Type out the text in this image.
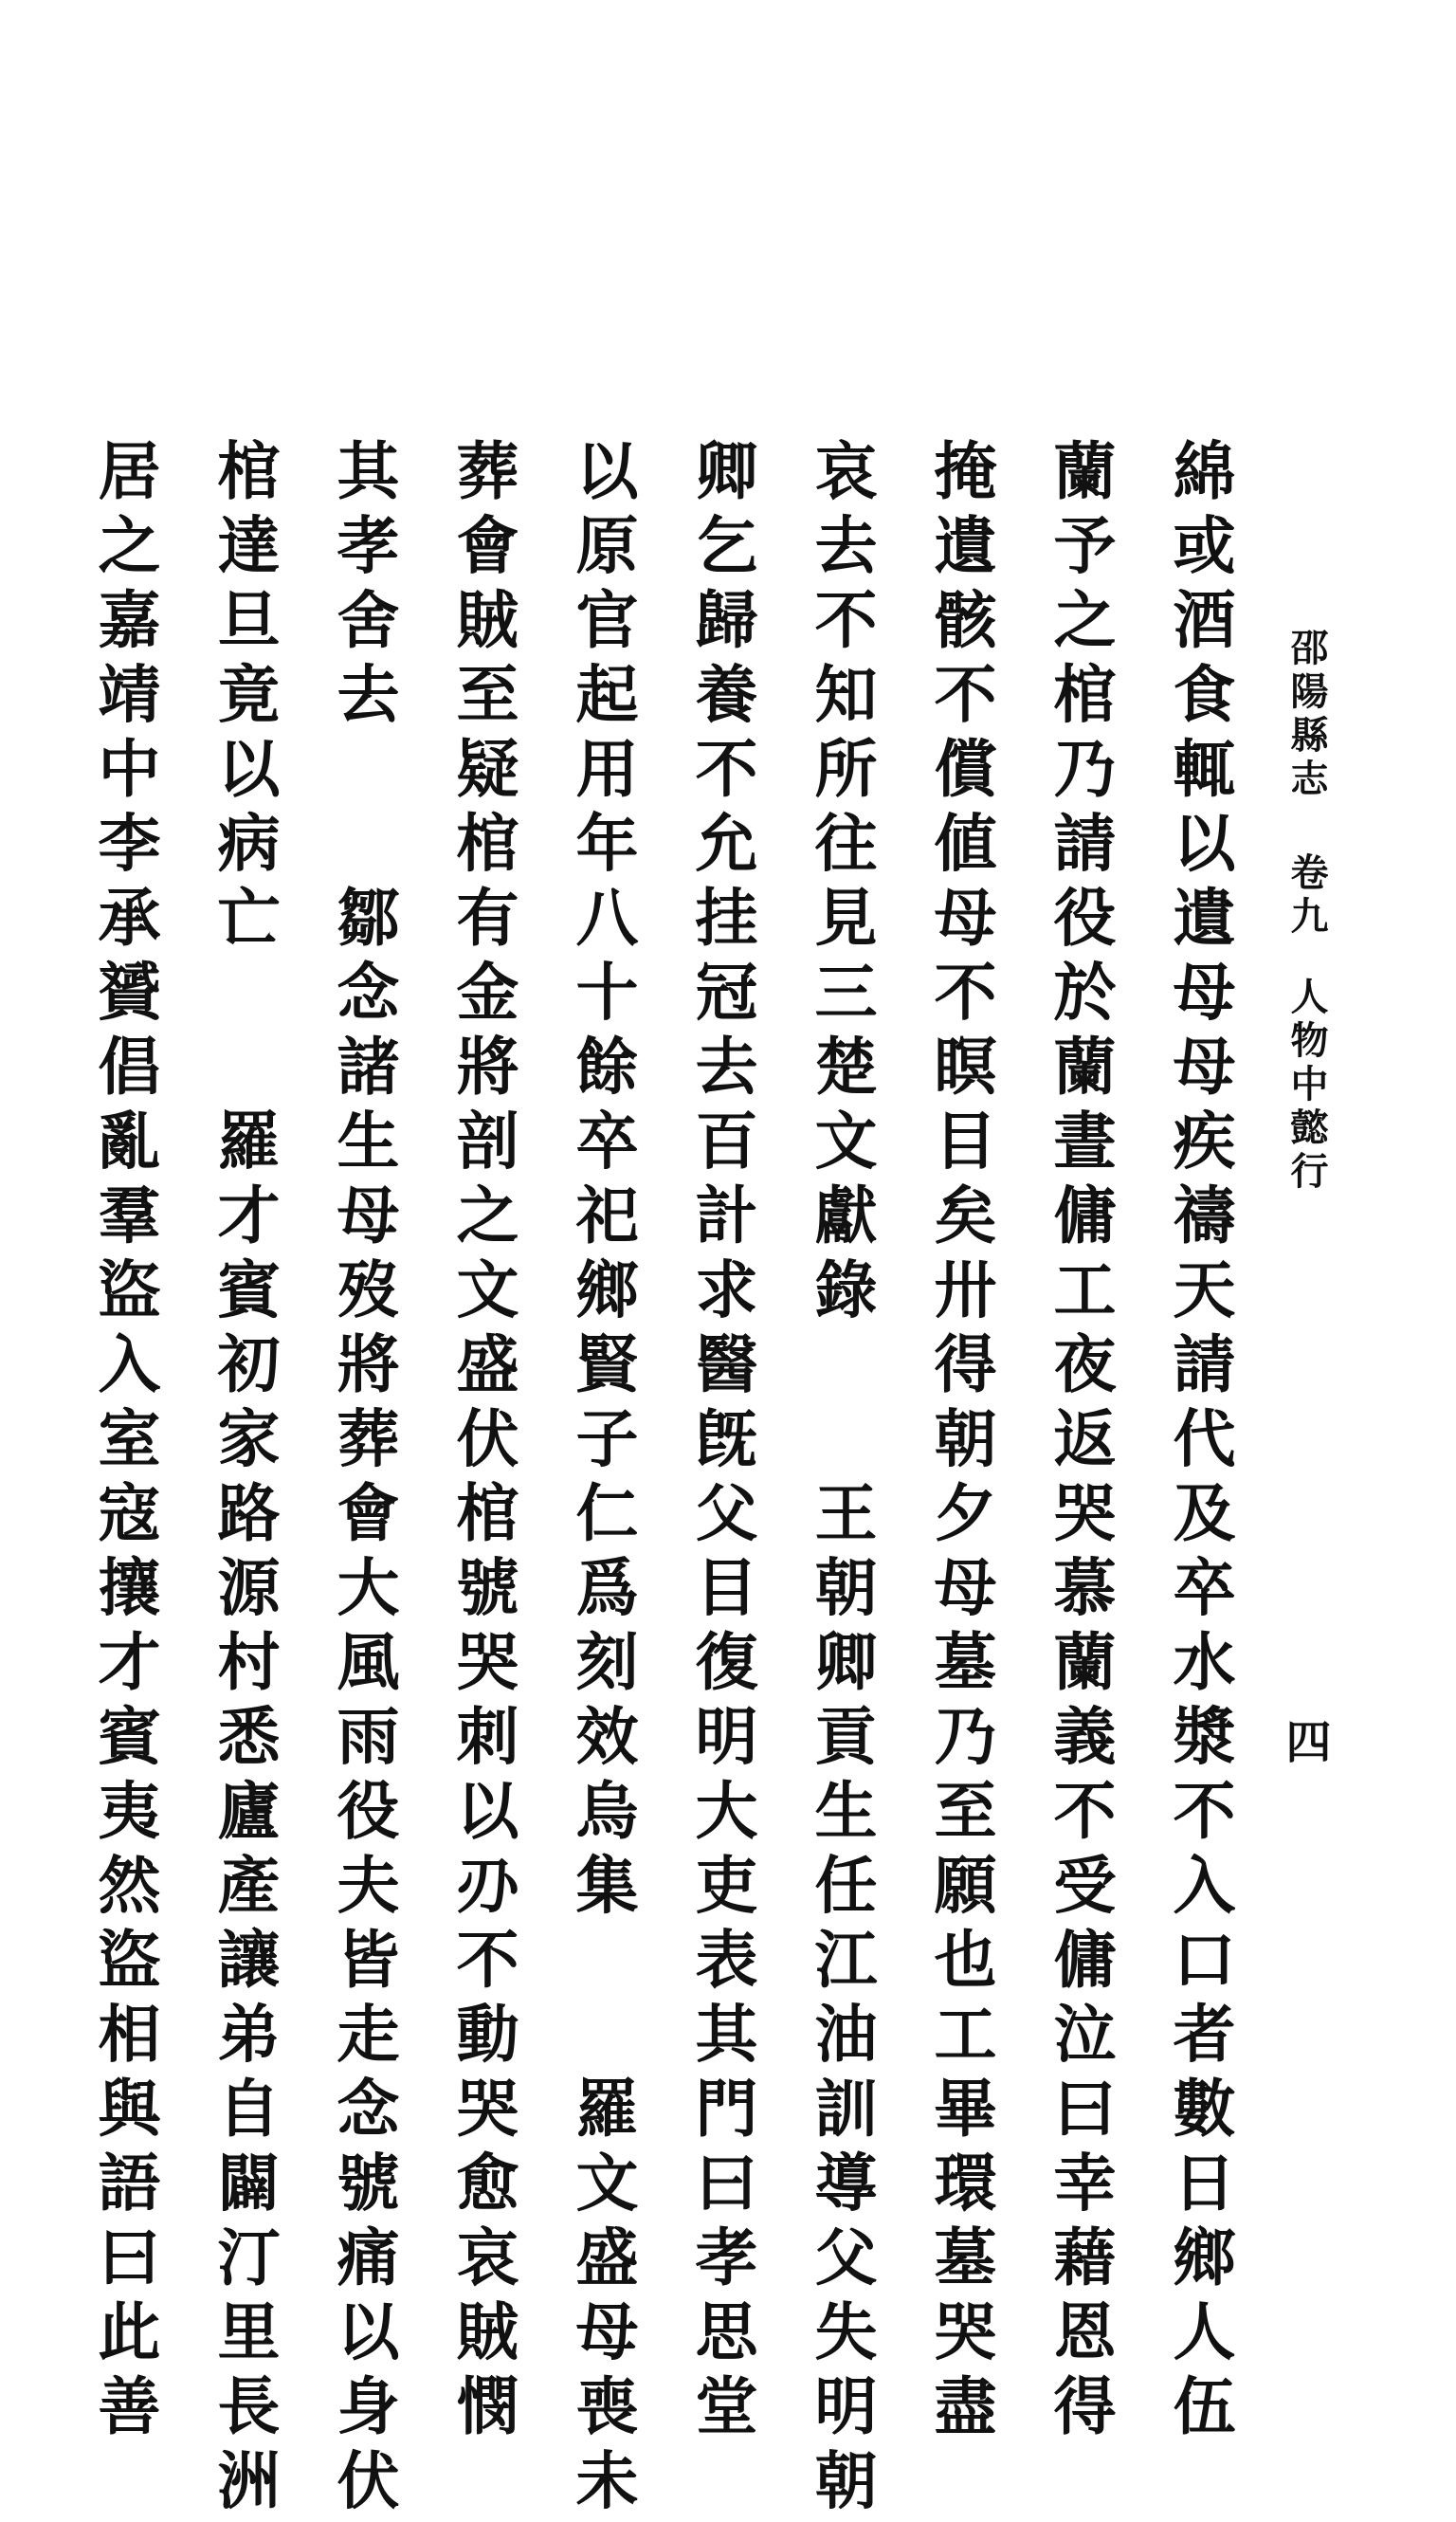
邵陽縣志 卷九
人物中懿行
四
綿或酒食輒以遺母母疾禱天請代及卒水漿不入口者數日鄉人伍
蘭予之棺乃請役於蘭晝傭工夜返哭慕蘭義不受傭泣曰幸藉恩得
掩遺骸不償値母不瞑目矣卅得朝夕母墓乃至願也工畢環墓哭盡
哀去不知所往見三楚文獻錄　　王朝卿貢生任江油訓導父失明朝
卿乞歸養不允挂冠去百計求醫旣父目復明大吏表其門曰孝思堂
以原官起用年八十餘卒祀鄉賢子仁爲刻效烏集　　羅文盛母喪未
葬會賊至疑棺有金將剖之文盛伏棺號哭刺以刅不動哭愈哀賊憫
其孝舍去　　鄒念諸生母歿將葬會大風雨役夫皆走念號痛以身伏
棺達旦竟以病亡　　羅才賓初家路源村悉廬產讓弟自闢汀里長洲
居之嘉靖中李承贇倡亂羣盜入室寇攘才賓夷然盜相與語曰此善
